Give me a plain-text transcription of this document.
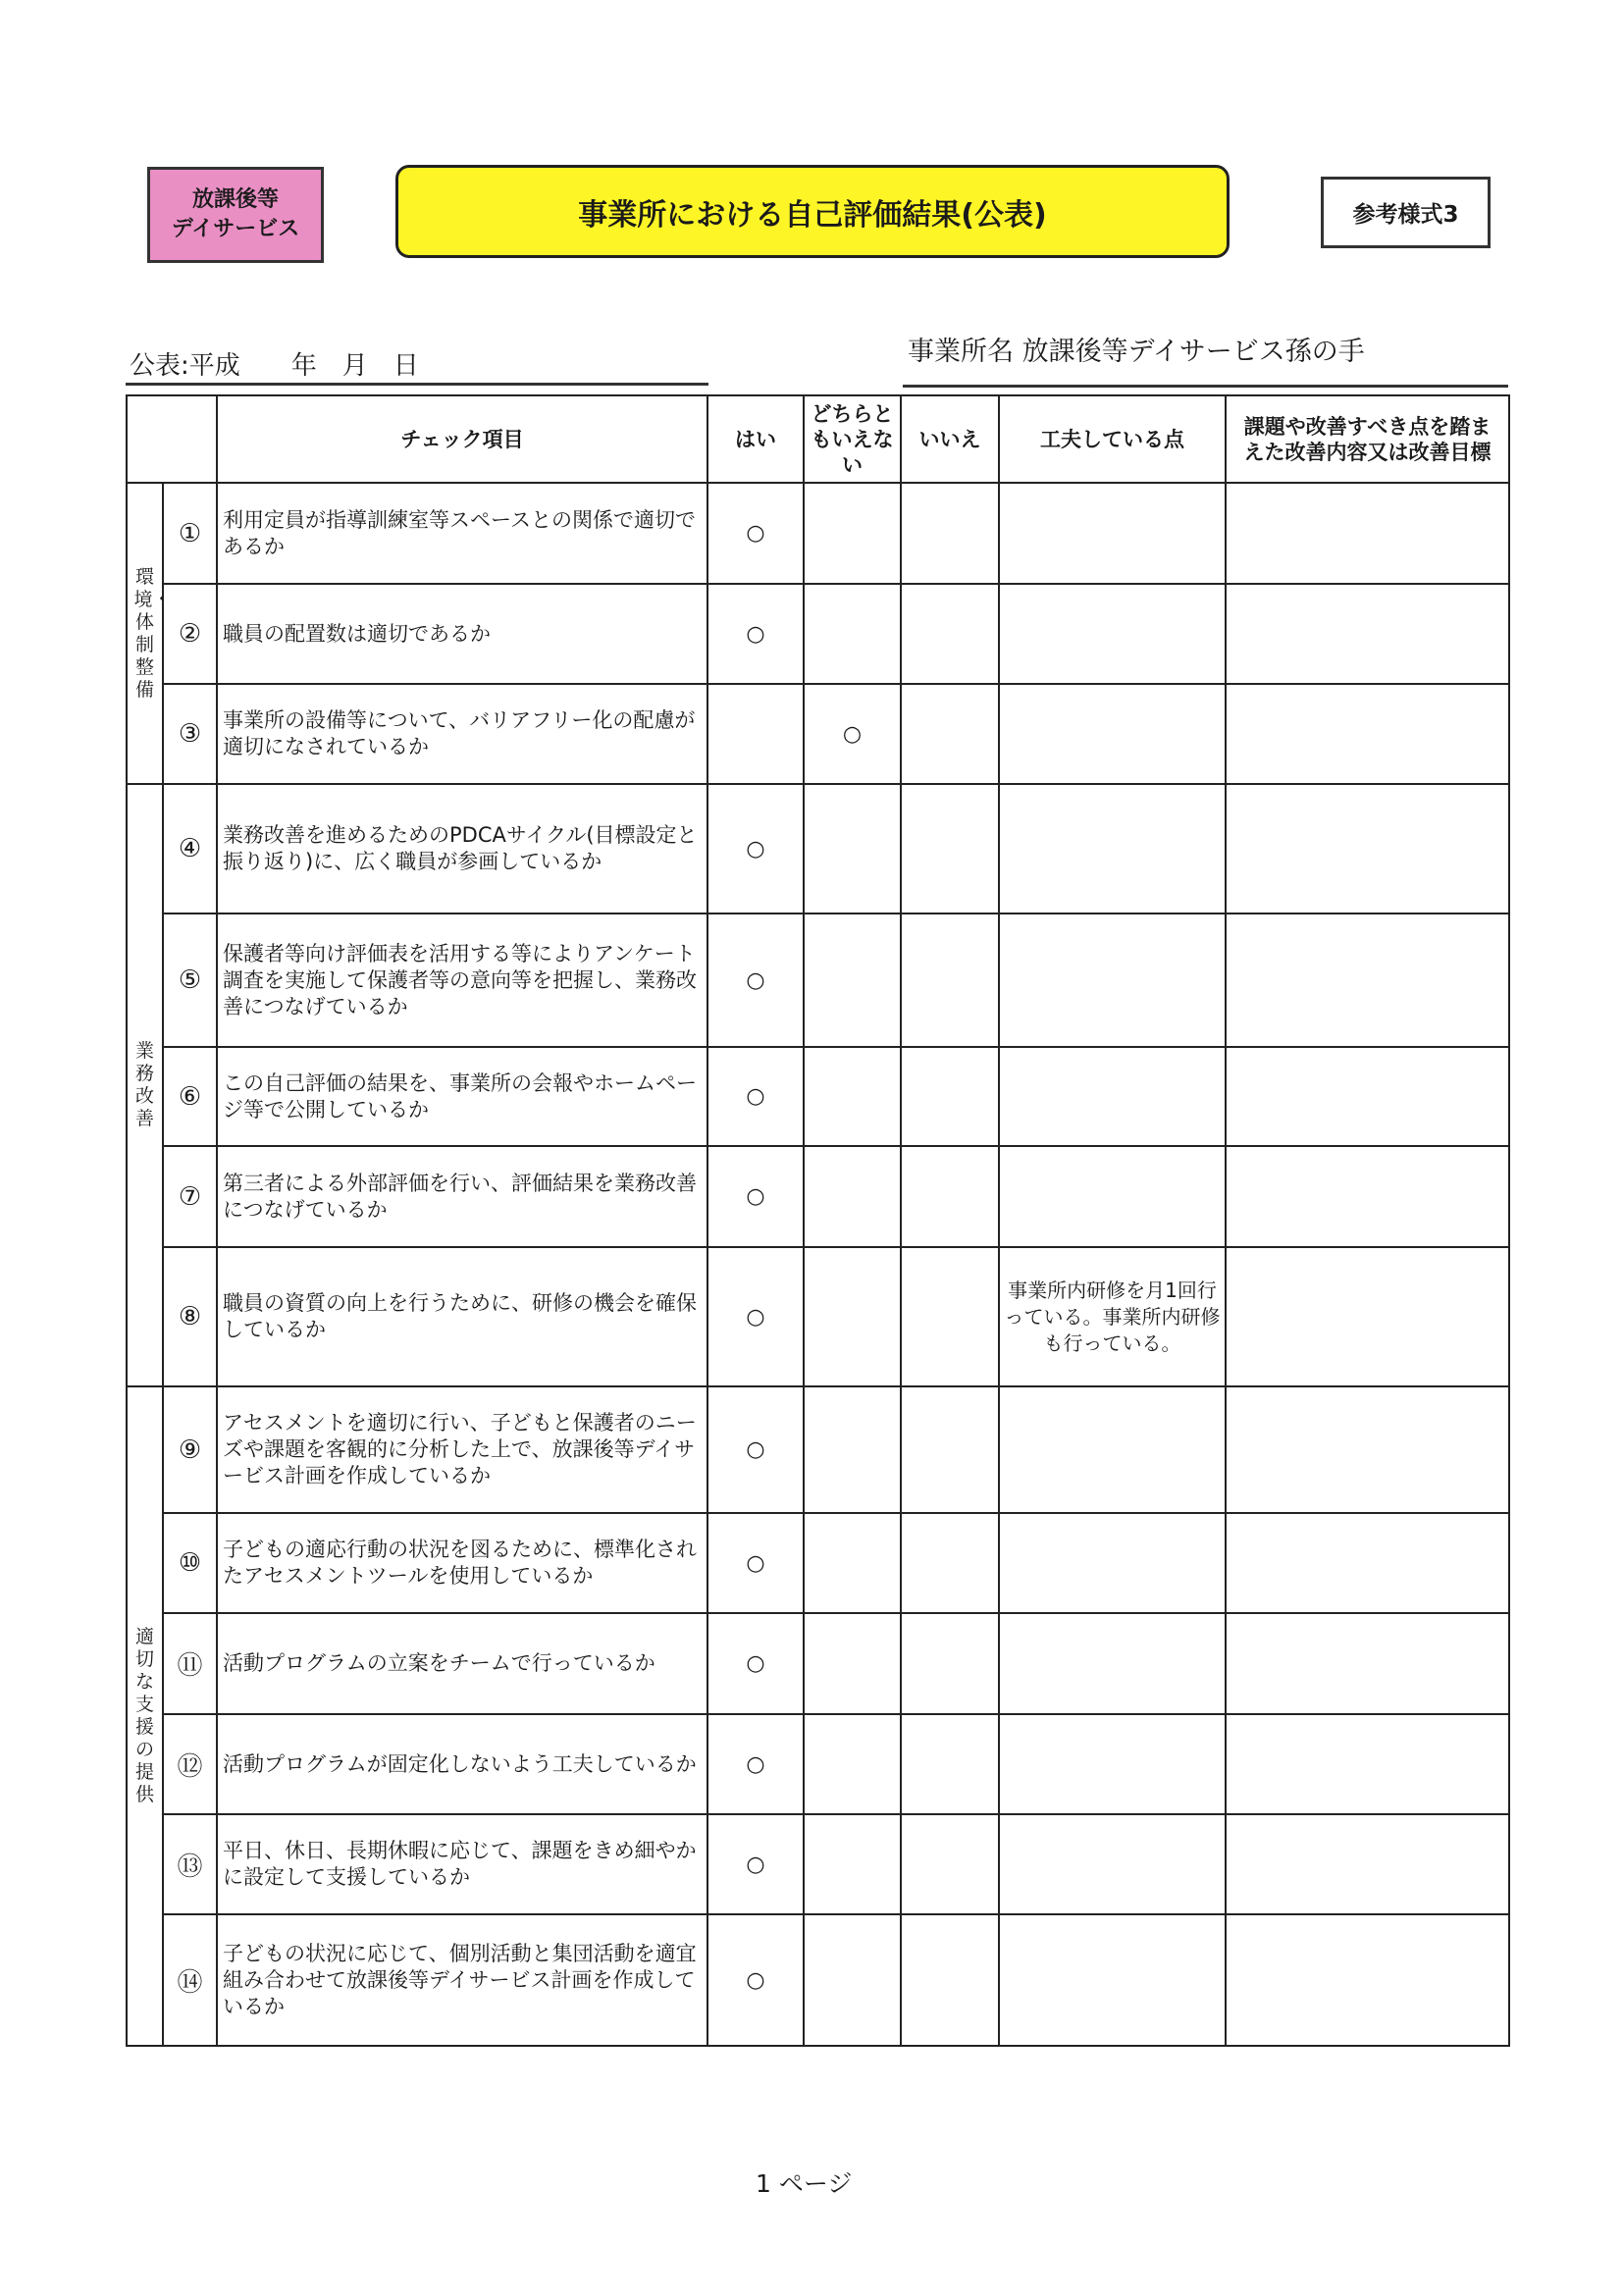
放課後等
デイサービス	事業所における自己評価結果(公表)	参考様式3
公表:平成　　年　月　日	事業所名 放課後等デイサービス孫の手
		チェック項目	はい	どちらともいえない	いいえ	工夫している点	課題や改善すべき点を踏まえた改善内容又は改善目標
環境・体制整備	①	利用定員が指導訓練室等スペースとの関係で適切であるか	○				
	②	職員の配置数は適切であるか	○				
	③	事業所の設備等について、バリアフリー化の配慮が適切になされているか		○			
業務改善	④	業務改善を進めるためのPDCAサイクル(目標設定と振り返り)に、広く職員が参画しているか	○				
	⑤	保護者等向け評価表を活用する等によりアンケート調査を実施して保護者等の意向等を把握し、業務改善につなげているか	○				
	⑥	この自己評価の結果を、事業所の会報やホームページ等で公開しているか	○				
	⑦	第三者による外部評価を行い、評価結果を業務改善につなげているか	○				
	⑧	職員の資質の向上を行うために、研修の機会を確保しているか	○			事業所内研修を月1回行っている。事業所内研修も行っている。	
適切な支援の提供	⑨	アセスメントを適切に行い、子どもと保護者のニーズや課題を客観的に分析した上で、放課後等デイサービス計画を作成しているか	○				
	⑩	子どもの適応行動の状況を図るために、標準化されたアセスメントツールを使用しているか	○				
	⑪	活動プログラムの立案をチームで行っているか	○				
	⑫	活動プログラムが固定化しないよう工夫しているか	○				
	⑬	平日、休日、長期休暇に応じて、課題をきめ細やかに設定して支援しているか	○				
	⑭	子どもの状況に応じて、個別活動と集団活動を適宜組み合わせて放課後等デイサービス計画を作成しているか	○				
1 ページ
